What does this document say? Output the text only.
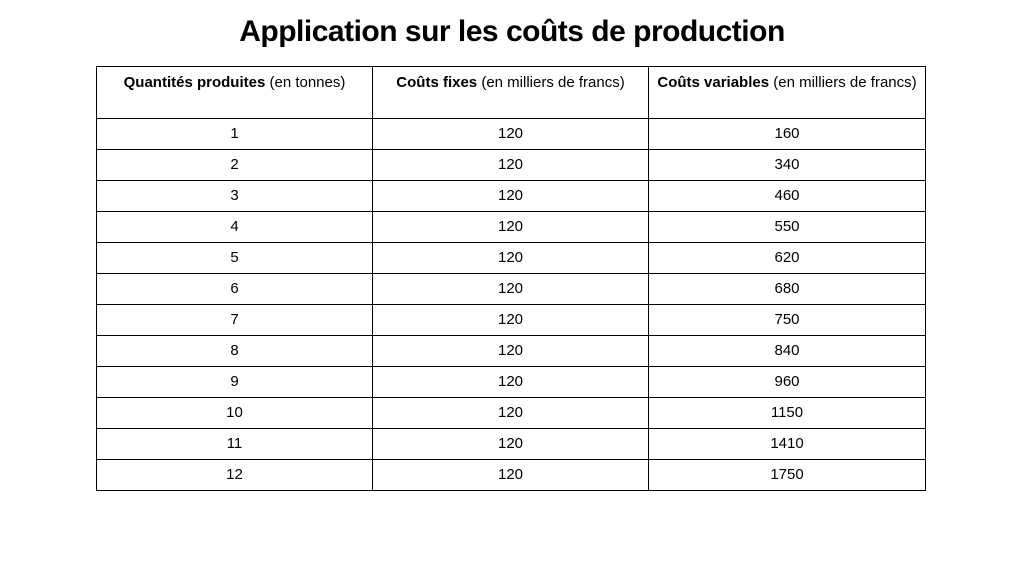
Application sur les coûts de production
Quantités produites (en tonnes)	Coûts fixes (en milliers de francs)	Coûts variables (en milliers de francs)
1	120	160
2	120	340
3	120	460
4	120	550
5	120	620
6	120	680
7	120	750
8	120	840
9	120	960
10	120	1150
11	120	1410
12	120	1750
